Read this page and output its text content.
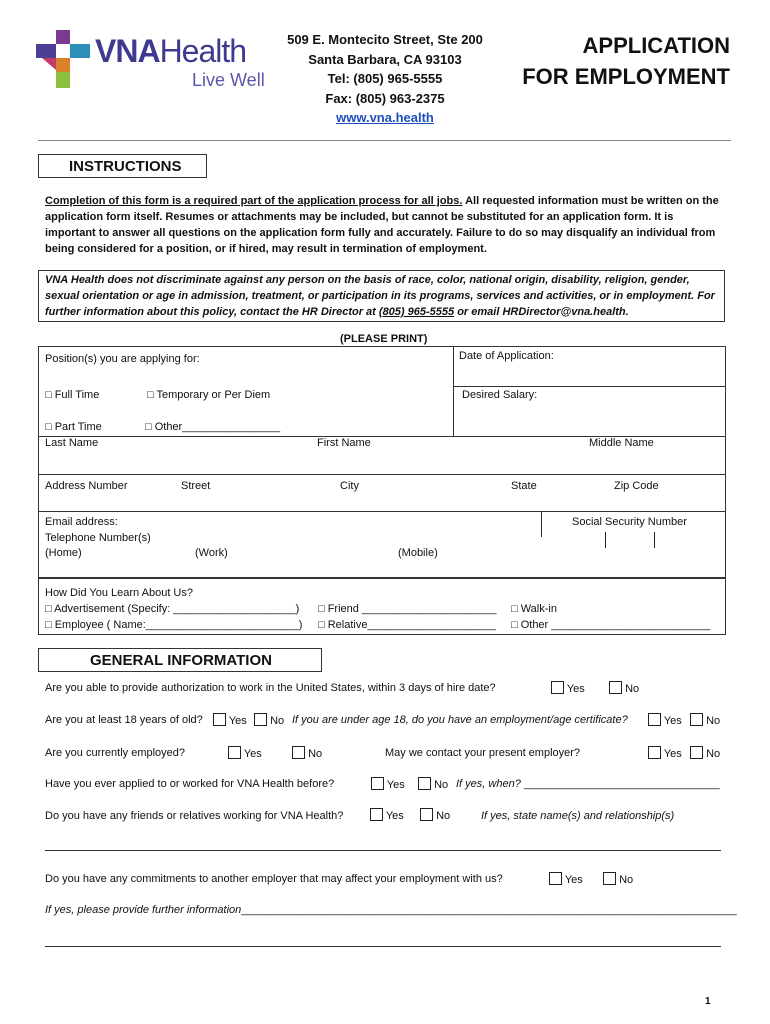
VNAHealth
Live Well
509 E. Montecito Street, Ste 200
Santa Barbara, CA 93103
Tel: (805) 965-5555
Fax: (805) 963-2375
www.vna.health
APPLICATION
FOR EMPLOYMENT
INSTRUCTIONS
Completion of this form is a required part of the application process for all jobs. All requested information must be written on the application form itself. Resumes or attachments may be included, but cannot be substituted for an application form. It is important to answer all questions on the application form fully and accurately. Failure to do so may disqualify an individual from being considered for a position, or if hired, may result in termination of employment.
VNA Health does not discriminate against any person on the basis of race, color, national origin, disability, religion, gender, sexual orientation or age in admission, treatment, or participation in its programs, services and activities, or in employment. For further information about this policy, contact the HR Director at (805) 965-5555 or email HRDirector@vna.health.
(PLEASE PRINT)
Position(s) you are applying for:	Date of Application:
□ Full Time	□ Temporary or Per Diem	Desired Salary:
□ Part Time	□ Other________________
Last Name	First Name	Middle Name
Address Number	Street	City	State	Zip Code
Email address:	Social Security Number
Telephone Number(s)
(Home)	(Work)	(Mobile)
How Did You Learn About Us?
□ Advertisement (Specify: ____________________) □ Friend ______________________ □ Walk-in
□ Employee ( Name:_________________________) □ Relative_____________________ □ Other __________________________
GENERAL INFORMATION
Are you able to provide authorization to work in the United States, within 3 days of hire date?	Yes	No
Are you at least 18 years of old?	Yes	No If you are under age 18, do you have an employment/age certificate?	Yes	No
Are you currently employed?	Yes	No	May we contact your present employer?	Yes	No
Have you ever applied to or worked for VNA Health before?	Yes	No If yes, when? ________________________________
Do you have any friends or relatives working for VNA Health?	Yes	No	If yes, state name(s) and relationship(s)
Do you have any commitments to another employer that may affect your employment with us?	Yes	No
If yes, please provide further information_________________________________________________________________________________
1
